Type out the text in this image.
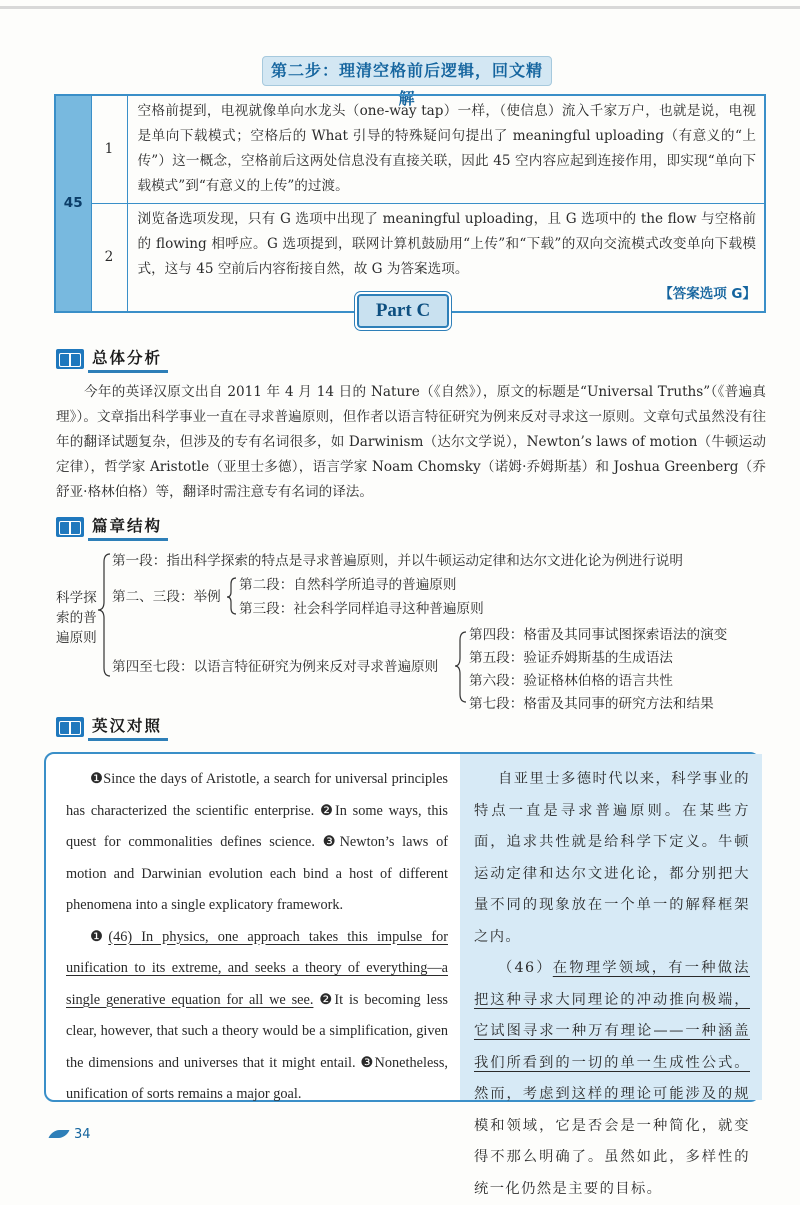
第二步：理清空格前后逻辑，回文精解
45	1	空格前提到，电视就像单向水龙头（one-way tap）一样，（使信息）流入千家万户，也就是说，电视是单向下载模式；空格后的 What 引导的特殊疑问句提出了 meaningful uploading（有意义的“上传”）这一概念，空格前后这两处信息没有直接关联，因此 45 空内容应起到连接作用，即实现“单向下载模式”到“有意义的上传”的过渡。
	2	浏览备选项发现，只有 G 选项中出现了 meaningful uploading，且 G 选项中的 the flow 与空格前的 flowing 相呼应。G 选项提到，联网计算机鼓励用“上传”和“下载”的双向交流模式改变单向下载模式，这与 45 空前后内容衔接自然，故 G 为答案选项。
【答案选项 G】
Part C
总体分析
今年的英译汉原文出自 2011 年 4 月 14 日的 Nature（《自然》），原文的标题是“Universal Truths”（《普遍真理》）。文章指出科学事业一直在寻求普遍原则，但作者以语言特征研究为例来反对寻求这一原则。文章句式虽然没有往年的翻译试题复杂，但涉及的专有名词很多，如 Darwinism（达尔文学说），Newton’s laws of motion（牛顿运动定律），哲学家 Aristotle（亚里士多德），语言学家 Noam Chomsky（诺姆·乔姆斯基）和 Joshua Greenberg（乔舒亚·格林伯格）等，翻译时需注意专有名词的译法。
篇章结构
科学探索的普遍原则
第一段：指出科学探索的特点是寻求普遍原则，并以牛顿运动定律和达尔文进化论为例进行说明
第二、三段：举例
第二段：自然科学所追寻的普遍原则
第三段：社会科学同样追寻这种普遍原则
第四至七段：以语言特征研究为例来反对寻求普遍原则
第四段：格雷及其同事试图探索语法的演变
第五段：验证乔姆斯基的生成语法
第六段：验证格林伯格的语言共性
第七段：格雷及其同事的研究方法和结果
英汉对照

❶Since the days of Aristotle, a search for universal principles has characterized the scientific enterprise. ❷In some ways, this quest for commonalities defines science. ❸Newton’s laws of motion and Darwinian evolution each bind a host of different phenomena into a single explicatory framework.

❶(46) In physics, one approach takes this impulse for unification to its extreme, and seeks a theory of everything—a single generative equation for all we see. ❷It is becoming less clear, however, that such a theory would be a simplification, given the dimensions and universes that it might entail. ❸Nonetheless, unification of sorts remains a major goal.

自亚里士多德时代以来，科学事业的特点一直是寻求普遍原则。在某些方面，追求共性就是给科学下定义。牛顿运动定律和达尔文进化论，都分别把大量不同的现象放在一个单一的解释框架之内。

（46）在物理学领域，有一种做法把这种寻求大同理论的冲动推向极端，它试图寻求一种万有理论——一种涵盖我们所看到的一切的单一生成性公式。然而，考虑到这样的理论可能涉及的规模和领域，它是否会是一种简化，就变得不那么明确了。虽然如此，多样性的统一化仍然是主要的目标。

34
